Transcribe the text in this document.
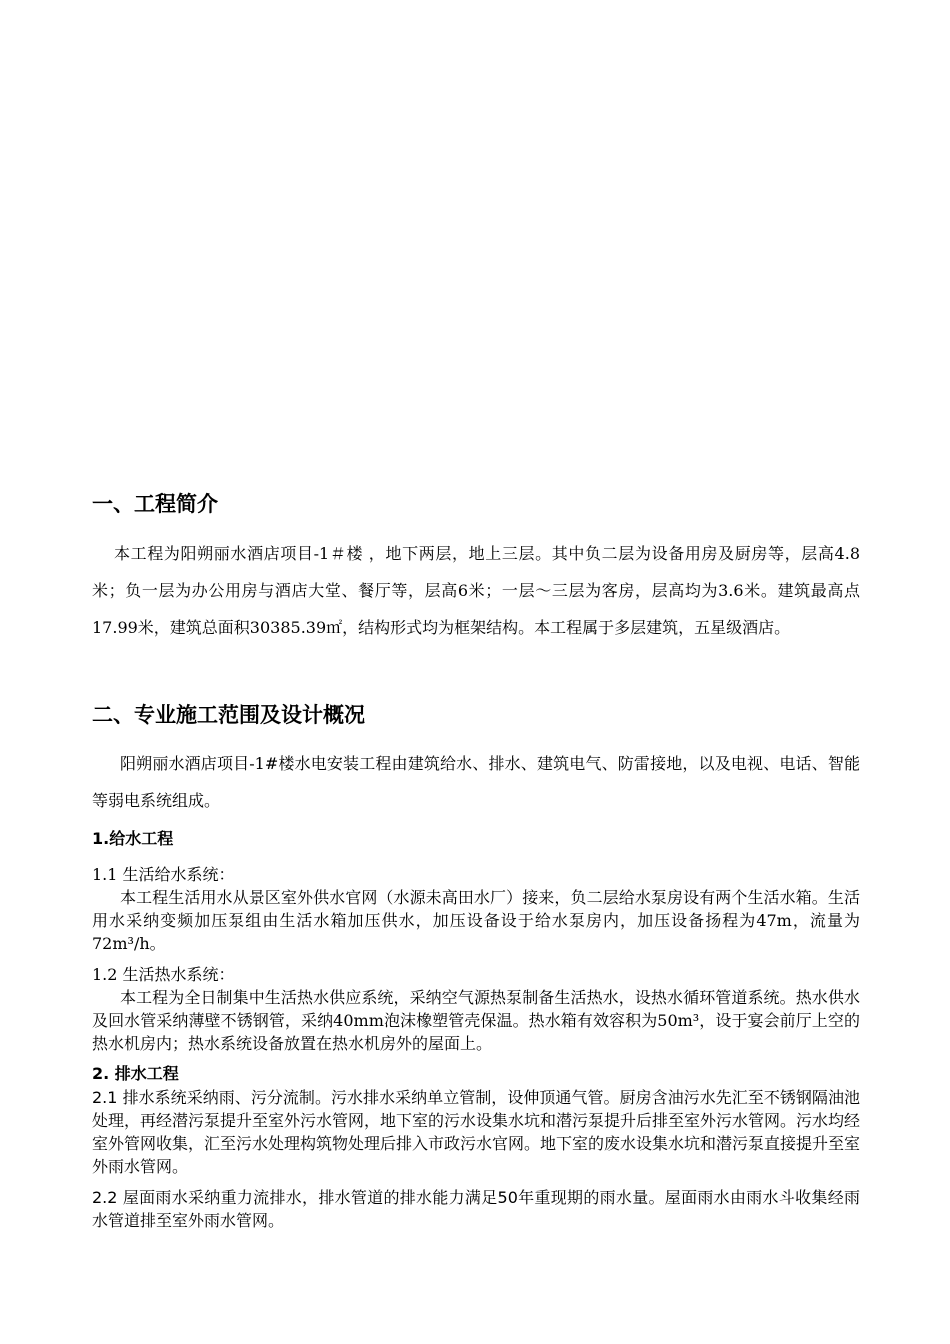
一、工程简介
本工程为阳朔丽水酒店项目-1＃楼 ，地下两层，地上三层。其中负二层为设备用房及厨房等，层高4.8米；负一层为办公用房与酒店大堂、餐厅等，层高6米；一层～三层为客房，层高均为3.6米。建筑最高点17.99米，建筑总面积30385.39㎡，结构形式均为框架结构。本工程属于多层建筑，五星级酒店。
二、专业施工范围及设计概况
阳朔丽水酒店项目-1#楼水电安装工程由建筑给水、排水、建筑电气、防雷接地，以及电视、电话、智能等弱电系统组成。
1.给水工程
1.1 生活给水系统：
本工程生活用水从景区室外供水官网（水源未高田水厂）接来，负二层给水泵房设有两个生活水箱。生活用水采纳变频加压泵组由生活水箱加压供水，加压设备设于给水泵房内，加压设备扬程为47m，流量为72m³/h。
1.2 生活热水系统：
本工程为全日制集中生活热水供应系统，采纳空气源热泵制备生活热水，设热水循环管道系统。热水供水及回水管采纳薄壁不锈钢管，采纳40mm泡沫橡塑管壳保温。热水箱有效容积为50m³，设于宴会前厅上空的热水机房内；热水系统设备放置在热水机房外的屋面上。
2. 排水工程
2.1 排水系统采纳雨、污分流制。污水排水采纳单立管制，设伸顶通气管。厨房含油污水先汇至不锈钢隔油池处理，再经潜污泵提升至室外污水管网，地下室的污水设集水坑和潜污泵提升后排至室外污水管网。污水均经室外管网收集，汇至污水处理构筑物处理后排入市政污水官网。地下室的废水设集水坑和潜污泵直接提升至室外雨水管网。
2.2 屋面雨水采纳重力流排水，排水管道的排水能力满足50年重现期的雨水量。屋面雨水由雨水斗收集经雨水管道排至室外雨水管网。
